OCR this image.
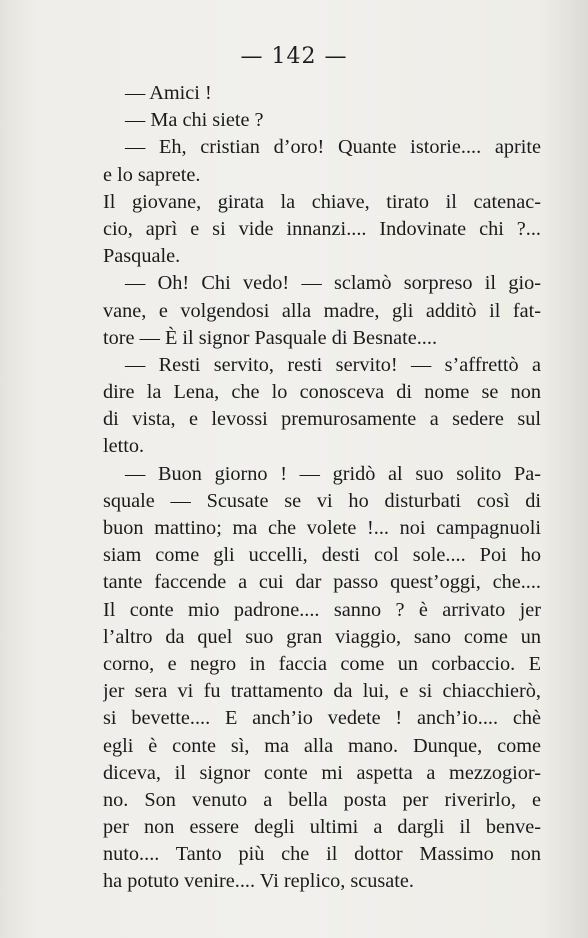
— 142 —
— Amici !
— Ma chi siete ?
— Eh, cristian d’oro! Quante istorie.... aprite
e lo saprete.
Il giovane, girata la chiave, tirato il catenac-
cio, aprì e si vide innanzi.... Indovinate chi ?...
Pasquale.
— Oh! Chi vedo! — sclamò sorpreso il gio-
vane, e volgendosi alla madre, gli additò il fat-
tore — È il signor Pasquale di Besnate....
— Resti servito, resti servito! — s’affrettò a
dire la Lena, che lo conosceva di nome se non
di vista, e levossi premurosamente a sedere sul
letto.
— Buon giorno ! — gridò al suo solito Pa-
squale — Scusate se vi ho disturbati così di
buon mattino; ma che volete !... noi campagnuoli
siam come gli uccelli, desti col sole.... Poi ho
tante faccende a cui dar passo quest’oggi, che....
Il conte mio padrone.... sanno ? è arrivato jer
l’altro da quel suo gran viaggio, sano come un
corno, e negro in faccia come un corbaccio. E
jer sera vi fu trattamento da lui, e si chiacchierò,
si bevette.... E anch’io vedete ! anch’io.... chè
egli è conte sì, ma alla mano. Dunque, come
diceva, il signor conte mi aspetta a mezzogior-
no. Son venuto a bella posta per riverirlo, e
per non essere degli ultimi a dargli il benve-
nuto.... Tanto più che il dottor Massimo non
ha potuto venire.... Vi replico, scusate.
